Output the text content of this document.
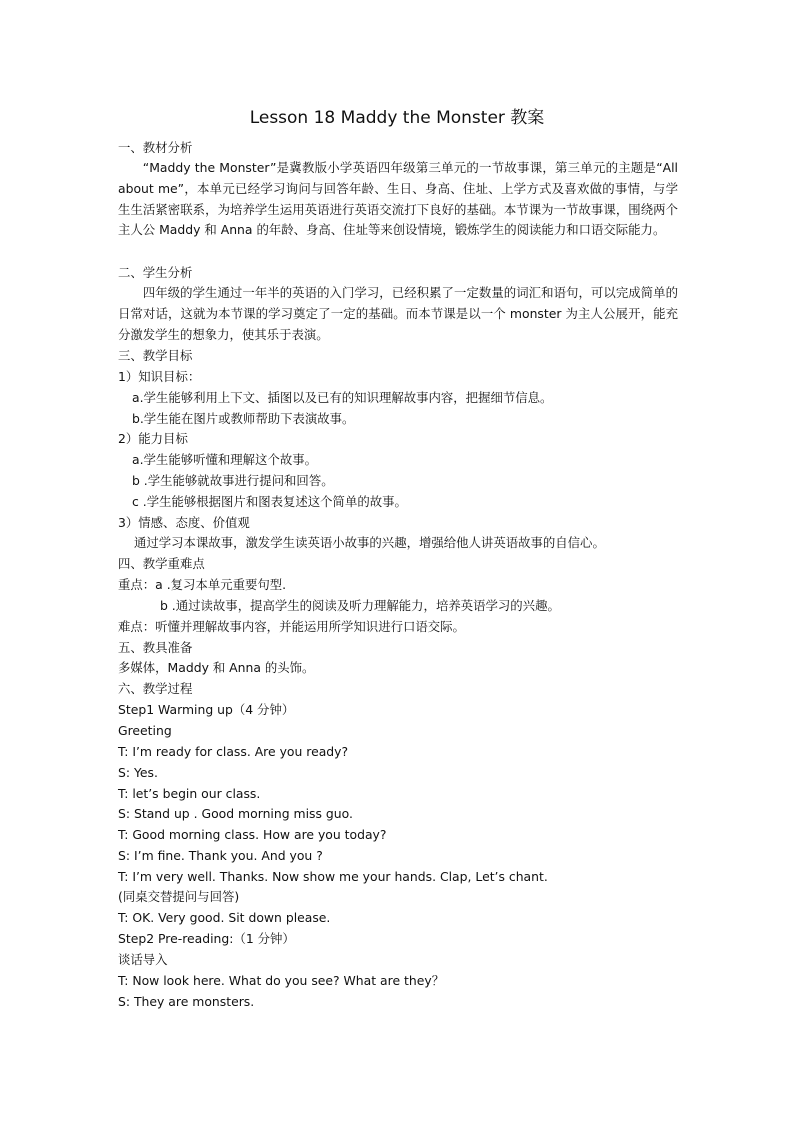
Lesson 18 Maddy the Monster 教案
一、教材分析

“Maddy the Monster”是冀教版小学英语四年级第三单元的一节故事课，第三单元的主题是“All about me”，本单元已经学习询问与回答年龄、生日、身高、住址、上学方式及喜欢做的事情，与学生生活紧密联系，为培养学生运用英语进行英语交流打下良好的基础。本节课为一节故事课，围绕两个主人公 Maddy 和 Anna 的年龄、身高、住址等来创设情境，锻炼学生的阅读能力和口语交际能力。

二、学生分析

四年级的学生通过一年半的英语的入门学习，已经积累了一定数量的词汇和语句，可以完成简单的日常对话，这就为本节课的学习奠定了一定的基础。而本节课是以一个 monster 为主人公展开，能充分激发学生的想象力，使其乐于表演。

三、教学目标
1）知识目标：
a.学生能够利用上下文、插图以及已有的知识理解故事内容，把握细节信息。
b.学生能在图片或教师帮助下表演故事。
2）能力目标
a.学生能够听懂和理解这个故事。
b .学生能够就故事进行提问和回答。
c .学生能够根据图片和图表复述这个简单的故事。
3）情感、态度、价值观
通过学习本课故事，激发学生读英语小故事的兴趣，增强给他人讲英语故事的自信心。
四、教学重难点
重点：a .复习本单元重要句型.
b .通过读故事，提高学生的阅读及听力理解能力，培养英语学习的兴趣。
难点：听懂并理解故事内容，并能运用所学知识进行口语交际。
五、教具准备
多媒体，Maddy 和 Anna 的头饰。
六、教学过程
Step1 Warming up（4 分钟）
Greeting
T: I’m ready for class. Are you ready?
S: Yes.
T: let’s begin our class.
S: Stand up . Good morning miss guo.
T: Good morning class. How are you today?
S: I’m fine. Thank you. And you ?
T: I’m very well. Thanks. Now show me your hands. Clap, Let’s chant.
(同桌交替提问与回答)
T: OK. Very good. Sit down please.
Step2 Pre-reading:（1 分钟）
谈话导入
T: Now look here. What do you see? What are they？
S: They are monsters.
